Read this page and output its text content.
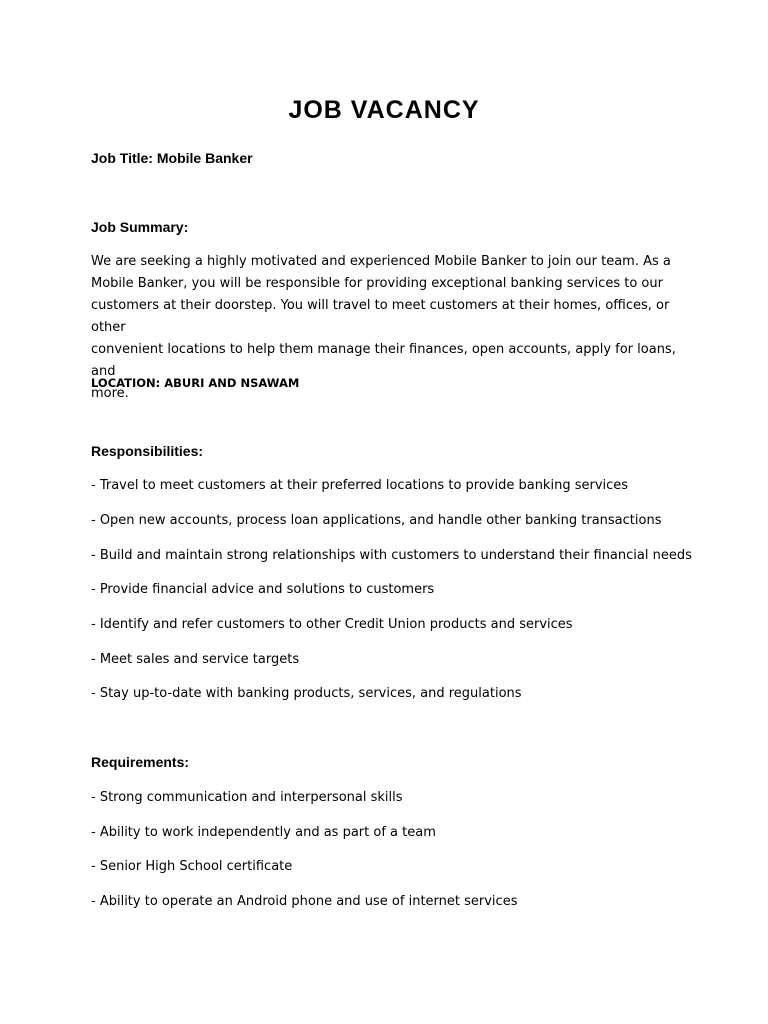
JOB VACANCY

Job Title: Mobile Banker

Job Summary:

We are seeking a highly motivated and experienced Mobile Banker to join our team. As a
Mobile Banker, you will be responsible for providing exceptional banking services to our
customers at their doorstep. You will travel to meet customers at their homes, offices, or other
convenient locations to help them manage their finances, open accounts, apply for loans, and
more.

LOCATION: ABURI AND NSAWAM

Responsibilities:

- Travel to meet customers at their preferred locations to provide banking services

- Open new accounts, process loan applications, and handle other banking transactions

- Build and maintain strong relationships with customers to understand their financial needs

- Provide financial advice and solutions to customers

- Identify and refer customers to other Credit Union products and services

- Meet sales and service targets

- Stay up-to-date with banking products, services, and regulations

Requirements:

- Strong communication and interpersonal skills

- Ability to work independently and as part of a team

- Senior High School certificate

- Ability to operate an Android phone and use of internet services
